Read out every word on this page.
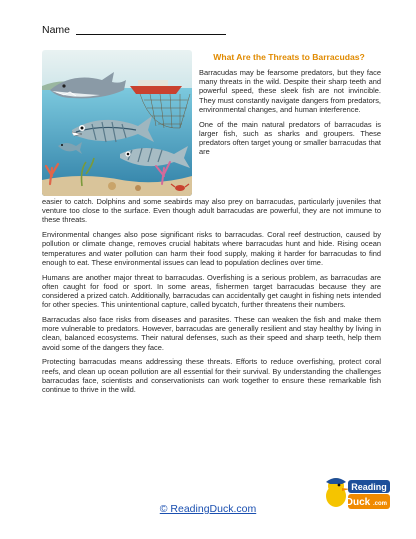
Name
What Are the Threats to Barracudas?

Barracudas may be fearsome predators, but they face many threats in the wild. Despite their sharp teeth and powerful speed, these sleek fish are not invincible. They must constantly navigate dangers from predators, environmental changes, and human interference.

One of the main natural predators of barracudas is larger fish, such as sharks and groupers. These predators often target young or smaller barracudas that are

easier to catch. Dolphins and some seabirds may also prey on barracudas, particularly juveniles that venture too close to the surface. Even though adult barracudas are powerful, they are not immune to these threats.

Environmental changes also pose significant risks to barracudas. Coral reef destruction, caused by pollution or climate change, removes crucial habitats where barracudas hunt and hide. Rising ocean temperatures and water pollution can harm their food supply, making it harder for barracudas to find enough to eat. These environmental issues can lead to population declines over time.

Humans are another major threat to barracudas. Overfishing is a serious problem, as barracudas are often caught for food or sport. In some areas, fishermen target barracudas because they are considered a prized catch. Additionally, barracudas can accidentally get caught in fishing nets intended for other species. This unintentional capture, called bycatch, further threatens their numbers.

Barracudas also face risks from diseases and parasites. These can weaken the fish and make them more vulnerable to predators. However, barracudas are generally resilient and stay healthy by living in clean, balanced ecosystems. Their natural defenses, such as their speed and sharp teeth, help them avoid some of the dangers they face.

Protecting barracudas means addressing these threats. Efforts to reduce overfishing, protect coral reefs, and clean up ocean pollution are all essential for their survival. By understanding the challenges barracudas face, scientists and conservationists can work together to ensure these remarkable fish continue to thrive in the wild.

© ReadingDuck.com
Reading
Duck .com
